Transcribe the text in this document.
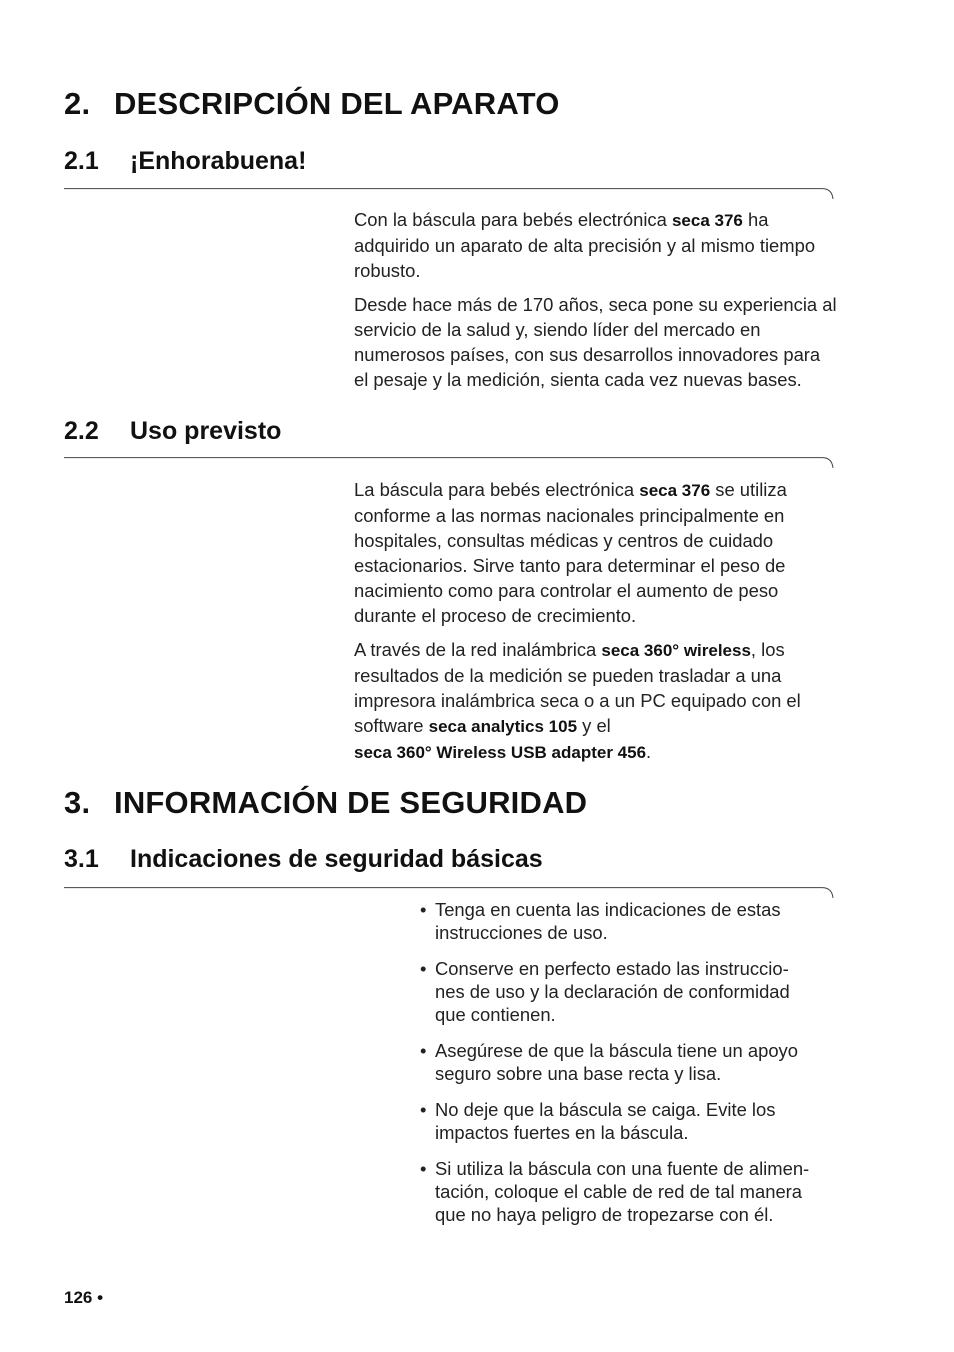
2. DESCRIPCIÓN DEL APARATO
2.1 ¡Enhorabuena!

Con la báscula para bebés electrónica seca 376 ha adquirido un aparato de alta precisión y al mismo tiempo robusto.

Desde hace más de 170 años, seca pone su experiencia al servicio de la salud y, siendo líder del mercado en numerosos países, con sus desarrollos innovadores para el pesaje y la medición, sienta cada vez nuevas bases.

2.2 Uso previsto

La báscula para bebés electrónica seca 376 se utiliza conforme a las normas nacionales principalmente en hospitales, consultas médicas y centros de cuidado estacionarios. Sirve tanto para determinar el peso de nacimiento como para controlar el aumento de peso durante el proceso de crecimiento.

A través de la red inalámbrica seca 360° wireless, los resultados de la medición se pueden trasladar a una impresora inalámbrica seca o a un PC equipado con el software seca analytics 105 y el
seca 360° Wireless USB adapter 456.

3. INFORMACIÓN DE SEGURIDAD
3.1 Indicaciones de seguridad básicas
• Tenga en cuenta las indicaciones de estas
instrucciones de uso.
• Conserve en perfecto estado las instruccio-
nes de uso y la declaración de conformidad
que contienen.
• Asegúrese de que la báscula tiene un apoyo
seguro sobre una base recta y lisa.
• No deje que la báscula se caiga. Evite los
impactos fuertes en la báscula.
• Si utiliza la báscula con una fuente de alimen-
tación, coloque el cable de red de tal manera
que no haya peligro de tropezarse con él.
126 •
